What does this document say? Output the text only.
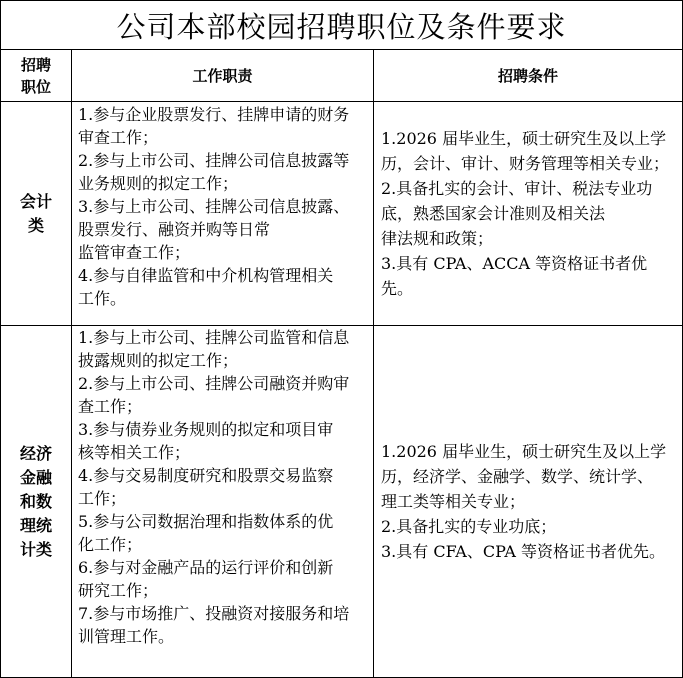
公司本部校园招聘职位及条件要求
招聘职位
工作职责	招聘条件
会计类
1.参与企业股票发行、挂牌申请的财务
审查工作；
2.参与上市公司、挂牌公司信息披露等
业务规则的拟定工作；
3.参与上市公司、挂牌公司信息披露、
股票发行、融资并购等日常
监管审查工作；
4.参与自律监管和中介机构管理相关
工作。
1.2026 届毕业生，硕士研究生及以上学
历，会计、审计、财务管理等相关专业；
2.具备扎实的会计、审计、税法专业功
底，熟悉国家会计准则及相关法
律法规和政策；
3.具有 CPA、ACCA 等资格证书者优
先。
经济金融和数理统计类
1.参与上市公司、挂牌公司监管和信息
披露规则的拟定工作；
2.参与上市公司、挂牌公司融资并购审
查工作；
3.参与债券业务规则的拟定和项目审
核等相关工作；
4.参与交易制度研究和股票交易监察
工作；
5.参与公司数据治理和指数体系的优
化工作；
6.参与对金融产品的运行评价和创新
研究工作；
7.参与市场推广、投融资对接服务和培
训管理工作。
1.2026 届毕业生，硕士研究生及以上学
历，经济学、金融学、数学、统计学、
理工类等相关专业；
2.具备扎实的专业功底；
3.具有 CFA、CPA 等资格证书者优先。
